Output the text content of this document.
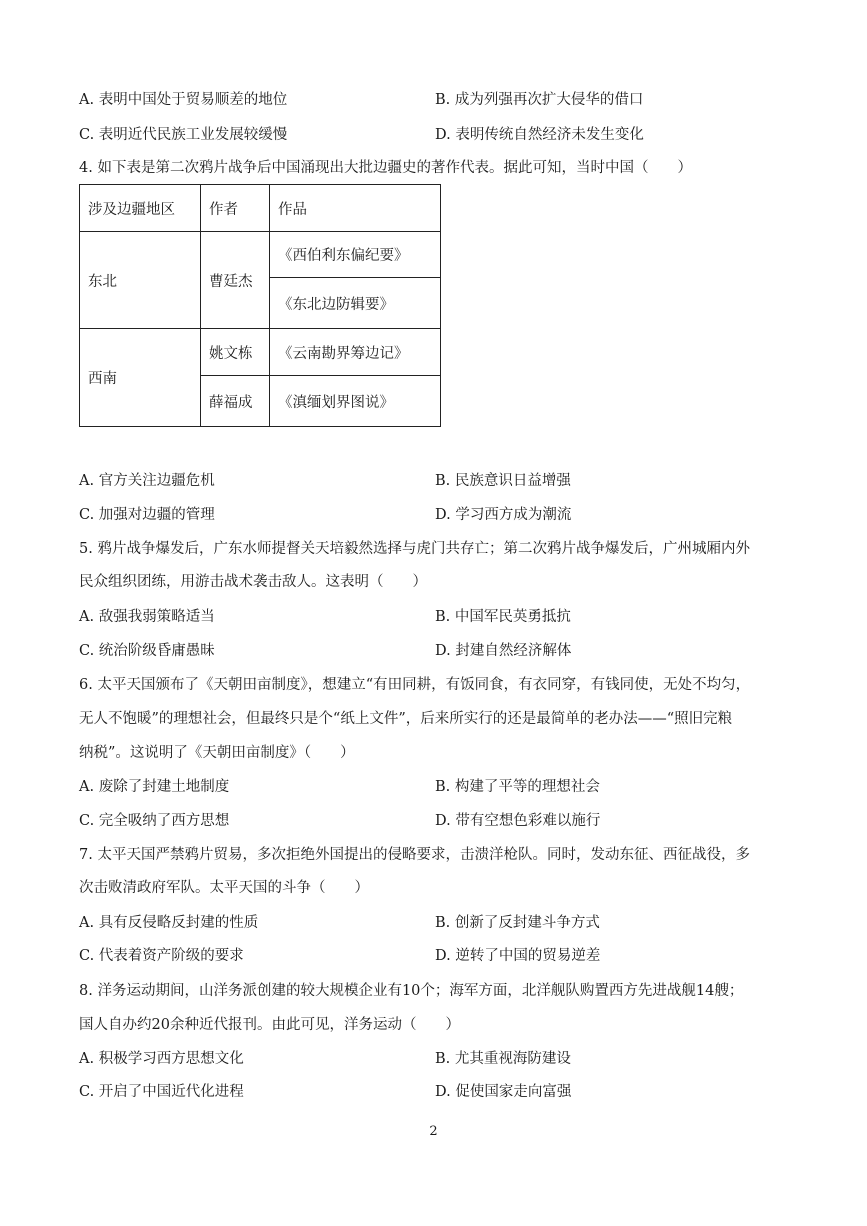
A. 表明中国处于贸易顺差的地位	B. 成为列强再次扩大侵华的借口
C. 表明近代民族工业发展较缓慢	D. 表明传统自然经济未发生变化
4. 如下表是第二次鸦片战争后中国涌现出大批边疆史的著作代表。据此可知，当时中国（　　）
涉及边疆地区	作者	作品
东北	曹廷杰	《西伯利东偏纪要》
		《东北边防辑要》
西南	姚文栋	《云南勘界筹边记》
	薛福成	《滇缅划界图说》
A. 官方关注边疆危机	B. 民族意识日益增强
C. 加强对边疆的管理	D. 学习西方成为潮流
5. 鸦片战争爆发后，广东水师提督关天培毅然选择与虎门共存亡；第二次鸦片战争爆发后，广州城厢内外
民众组织团练，用游击战术袭击敌人。这表明（　　）
A. 敌强我弱策略适当	B. 中国军民英勇抵抗
C. 统治阶级昏庸愚昧	D. 封建自然经济解体
6. 太平天国颁布了《天朝田亩制度》，想建立“有田同耕，有饭同食，有衣同穿，有钱同使，无处不均匀，
无人不饱暖”的理想社会，但最终只是个“纸上文件”，后来所实行的还是最简单的老办法——“照旧完粮
纳税”。这说明了《天朝田亩制度》（　　）
A. 废除了封建土地制度	B. 构建了平等的理想社会
C. 完全吸纳了西方思想	D. 带有空想色彩难以施行
7. 太平天国严禁鸦片贸易，多次拒绝外国提出的侵略要求，击溃洋枪队。同时，发动东征、西征战役，多
次击败清政府军队。太平天国的斗争（　　）
A. 具有反侵略反封建的性质	B. 创新了反封建斗争方式
C. 代表着资产阶级的要求	D. 逆转了中国的贸易逆差
8. 洋务运动期间，山洋务派创建的较大规模企业有10个；海军方面，北洋舰队购置西方先进战舰14艘；
国人自办约20余种近代报刊。由此可见，洋务运动（　　）
A. 积极学习西方思想文化	B. 尤其重视海防建设
C. 开启了中国近代化进程	D. 促使国家走向富强
2
